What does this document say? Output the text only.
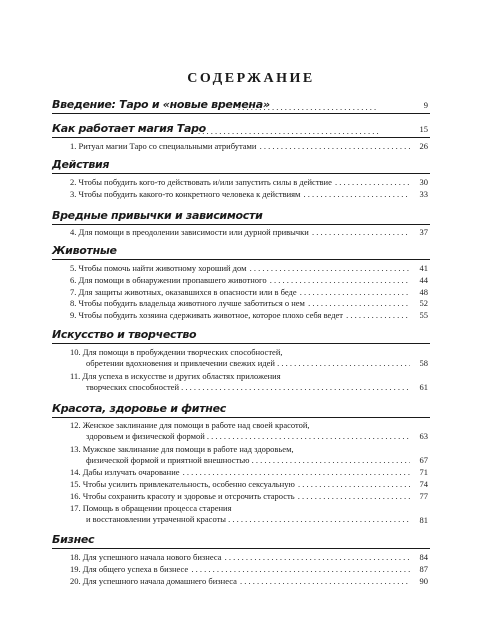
СОДЕРЖАНИЕ
Введение: Таро и «новые времена» . . .	9
Как работает магия Таро . . .	15
1. Ритуал магии Таро со специальными атрибутами . . .	26
Действия
2. Чтобы побудить кого-то действовать и/или запустить силы в действие . . .	30
3. Чтобы побудить какого-то конкретного человека к действиям . . .	33
Вредные привычки и зависимости
4. Для помощи в преодолении зависимости или дурной привычки . . .	37
Животные
5. Чтобы помочь найти животному хороший дом . . .	41
6. Для помощи в обнаружении пропавшего животного . . .	44
7. Для защиты животных, оказавшихся в опасности или в беде . . .	48
8. Чтобы побудить владельца животного лучше заботиться о нем . . .	52
9. Чтобы побудить хозяина сдерживать животное, которое плохо себя ведет . . .	55
Искусство и творчество
10. Для помощи в пробуждении творческих способностей,
обретении вдохновения и привлечении свежих идей . . .	58
11. Для успеха в искусстве и других областях приложения
творческих способностей . . .	61
Красота, здоровье и фитнес
12. Женское заклинание для помощи в работе над своей красотой,
здоровьем и физической формой . . .	63
13. Мужское заклинание для помощи в работе над здоровьем,
физической формой и приятной внешностью . . .	67
14. Дабы излучать очарование . . .	71
15. Чтобы усилить привлекательность, особенно сексуальную . . .	74
16. Чтобы сохранить красоту и здоровье и отсрочить старость . . .	77
17. Помощь в обращении процесса старения
и восстановлении утраченной красоты . . .	81
Бизнес
18. Для успешного начала нового бизнеса . . .	84
19. Для общего успеха в бизнесе . . .	87
20. Для успешного начала домашнего бизнеса . . .	90
